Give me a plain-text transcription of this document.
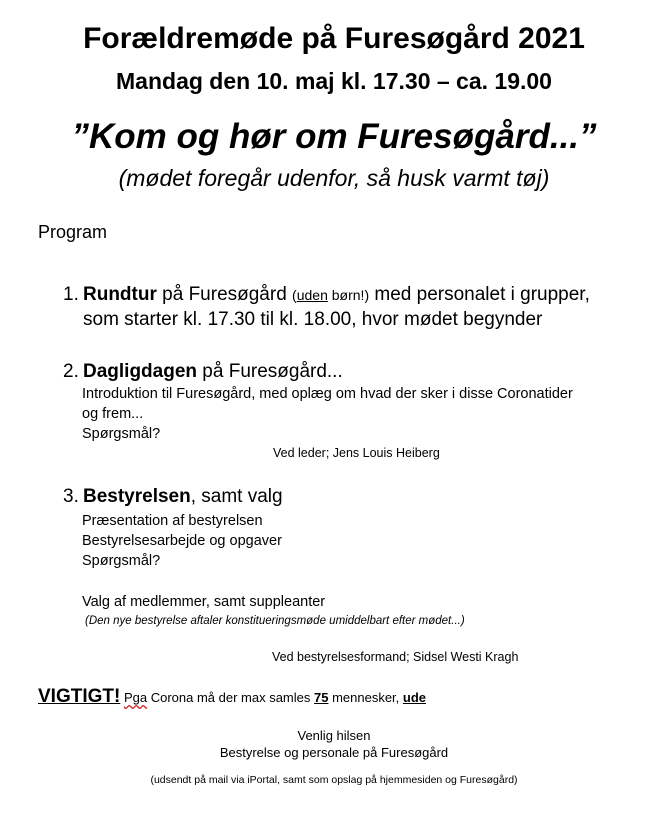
Forældremøde på Furesøgård 2021
Mandag den 10. maj kl. 17.30 – ca. 19.00
”Kom og hør om Furesøgård...”
(mødet foregår udenfor, så husk varmt tøj)
Program
1. Rundtur på Furesøgård (uden børn!) med personalet i grupper,
som starter kl. 17.30 til kl. 18.00, hvor mødet begynder
2. Dagligdagen på Furesøgård...
Introduktion til Furesøgård, med oplæg om hvad der sker i disse Coronatider
og frem...
Spørgsmål?
Ved leder; Jens Louis Heiberg
3. Bestyrelsen, samt valg
Præsentation af bestyrelsen
Bestyrelsesarbejde og opgaver
Spørgsmål?
Valg af medlemmer, samt suppleanter
(Den nye bestyrelse aftaler konstitueringsmøde umiddelbart efter mødet...)
Ved bestyrelsesformand; Sidsel Westi Kragh
VIGTIGT! Pga Corona må der max samles 75 mennesker, ude
Venlig hilsen
Bestyrelse og personale på Furesøgård
(udsendt på mail via iPortal, samt som opslag på hjemmesiden og Furesøgård)
